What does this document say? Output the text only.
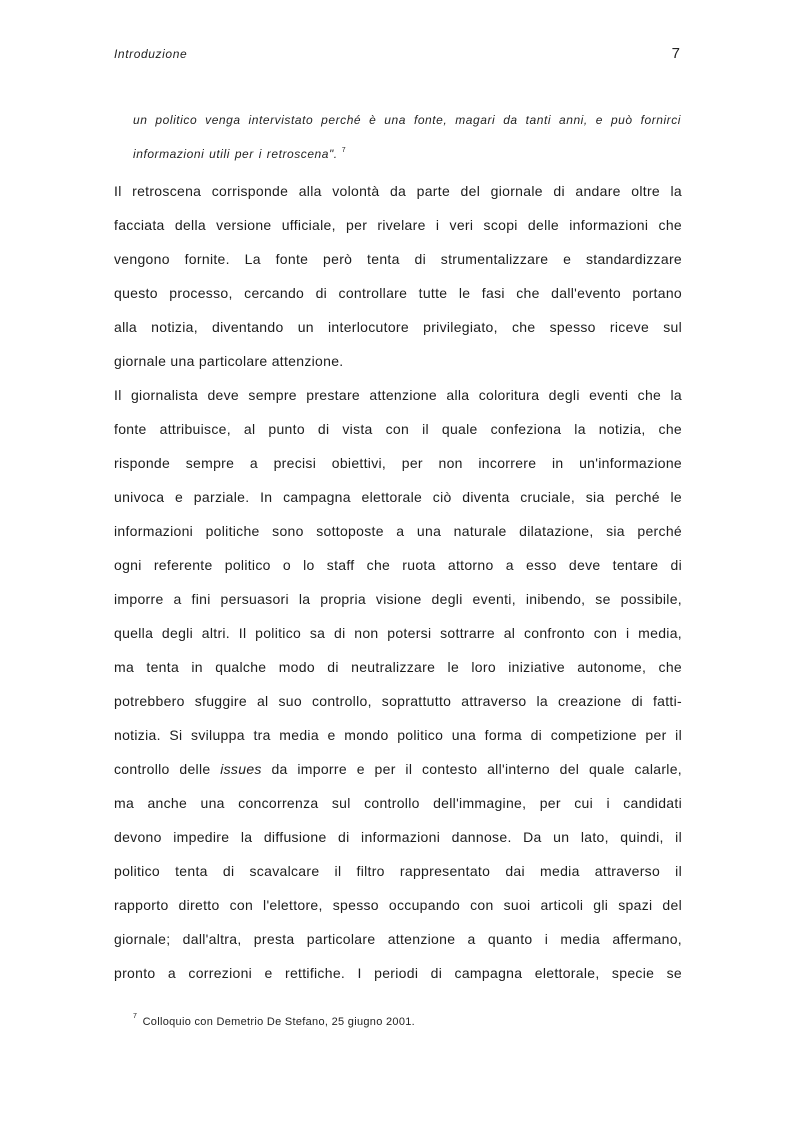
Introduzione	7
un politico venga intervistato perché è una fonte, magari da tanti anni, e può fornirci
informazioni utili per i retroscena". $^7$

Il retroscena corrisponde alla volontà da parte del giornale di andare oltre la
facciata della versione ufficiale, per rivelare i veri scopi delle informazioni che
vengono fornite. La fonte però tenta di strumentalizzare e standardizzare
questo processo, cercando di controllare tutte le fasi che dall'evento portano
alla notizia, diventando un interlocutore privilegiato, che spesso riceve sul
giornale una particolare attenzione.

Il giornalista deve sempre prestare attenzione alla coloritura degli eventi che la
fonte attribuisce, al punto di vista con il quale confeziona la notizia, che
risponde sempre a precisi obiettivi, per non incorrere in un'informazione
univoca e parziale. In campagna elettorale ciò diventa cruciale, sia perché le
informazioni politiche sono sottoposte a una naturale dilatazione, sia perché
ogni referente politico o lo staff che ruota attorno a esso deve tentare di
imporre a fini persuasori la propria visione degli eventi, inibendo, se possibile,
quella degli altri. Il politico sa di non potersi sottrarre al confronto con i media,
ma tenta in qualche modo di neutralizzare le loro iniziative autonome, che
potrebbero sfuggire al suo controllo, soprattutto attraverso la creazione di fatti-
notizia. Si sviluppa tra media e mondo politico una forma di competizione per il
controllo delle issues da imporre e per il contesto all'interno del quale calarle,
ma anche una concorrenza sul controllo dell'immagine, per cui i candidati
devono impedire la diffusione di informazioni dannose. Da un lato, quindi, il
politico tenta di scavalcare il filtro rappresentato dai media attraverso il
rapporto diretto con l'elettore, spesso occupando con suoi articoli gli spazi del
giornale; dall'altra, presta particolare attenzione a quanto i media affermano,
pronto a correzioni e rettifiche. I periodi di campagna elettorale, specie se

$^7$ Colloquio con Demetrio De Stefano, 25 giugno 2001.
